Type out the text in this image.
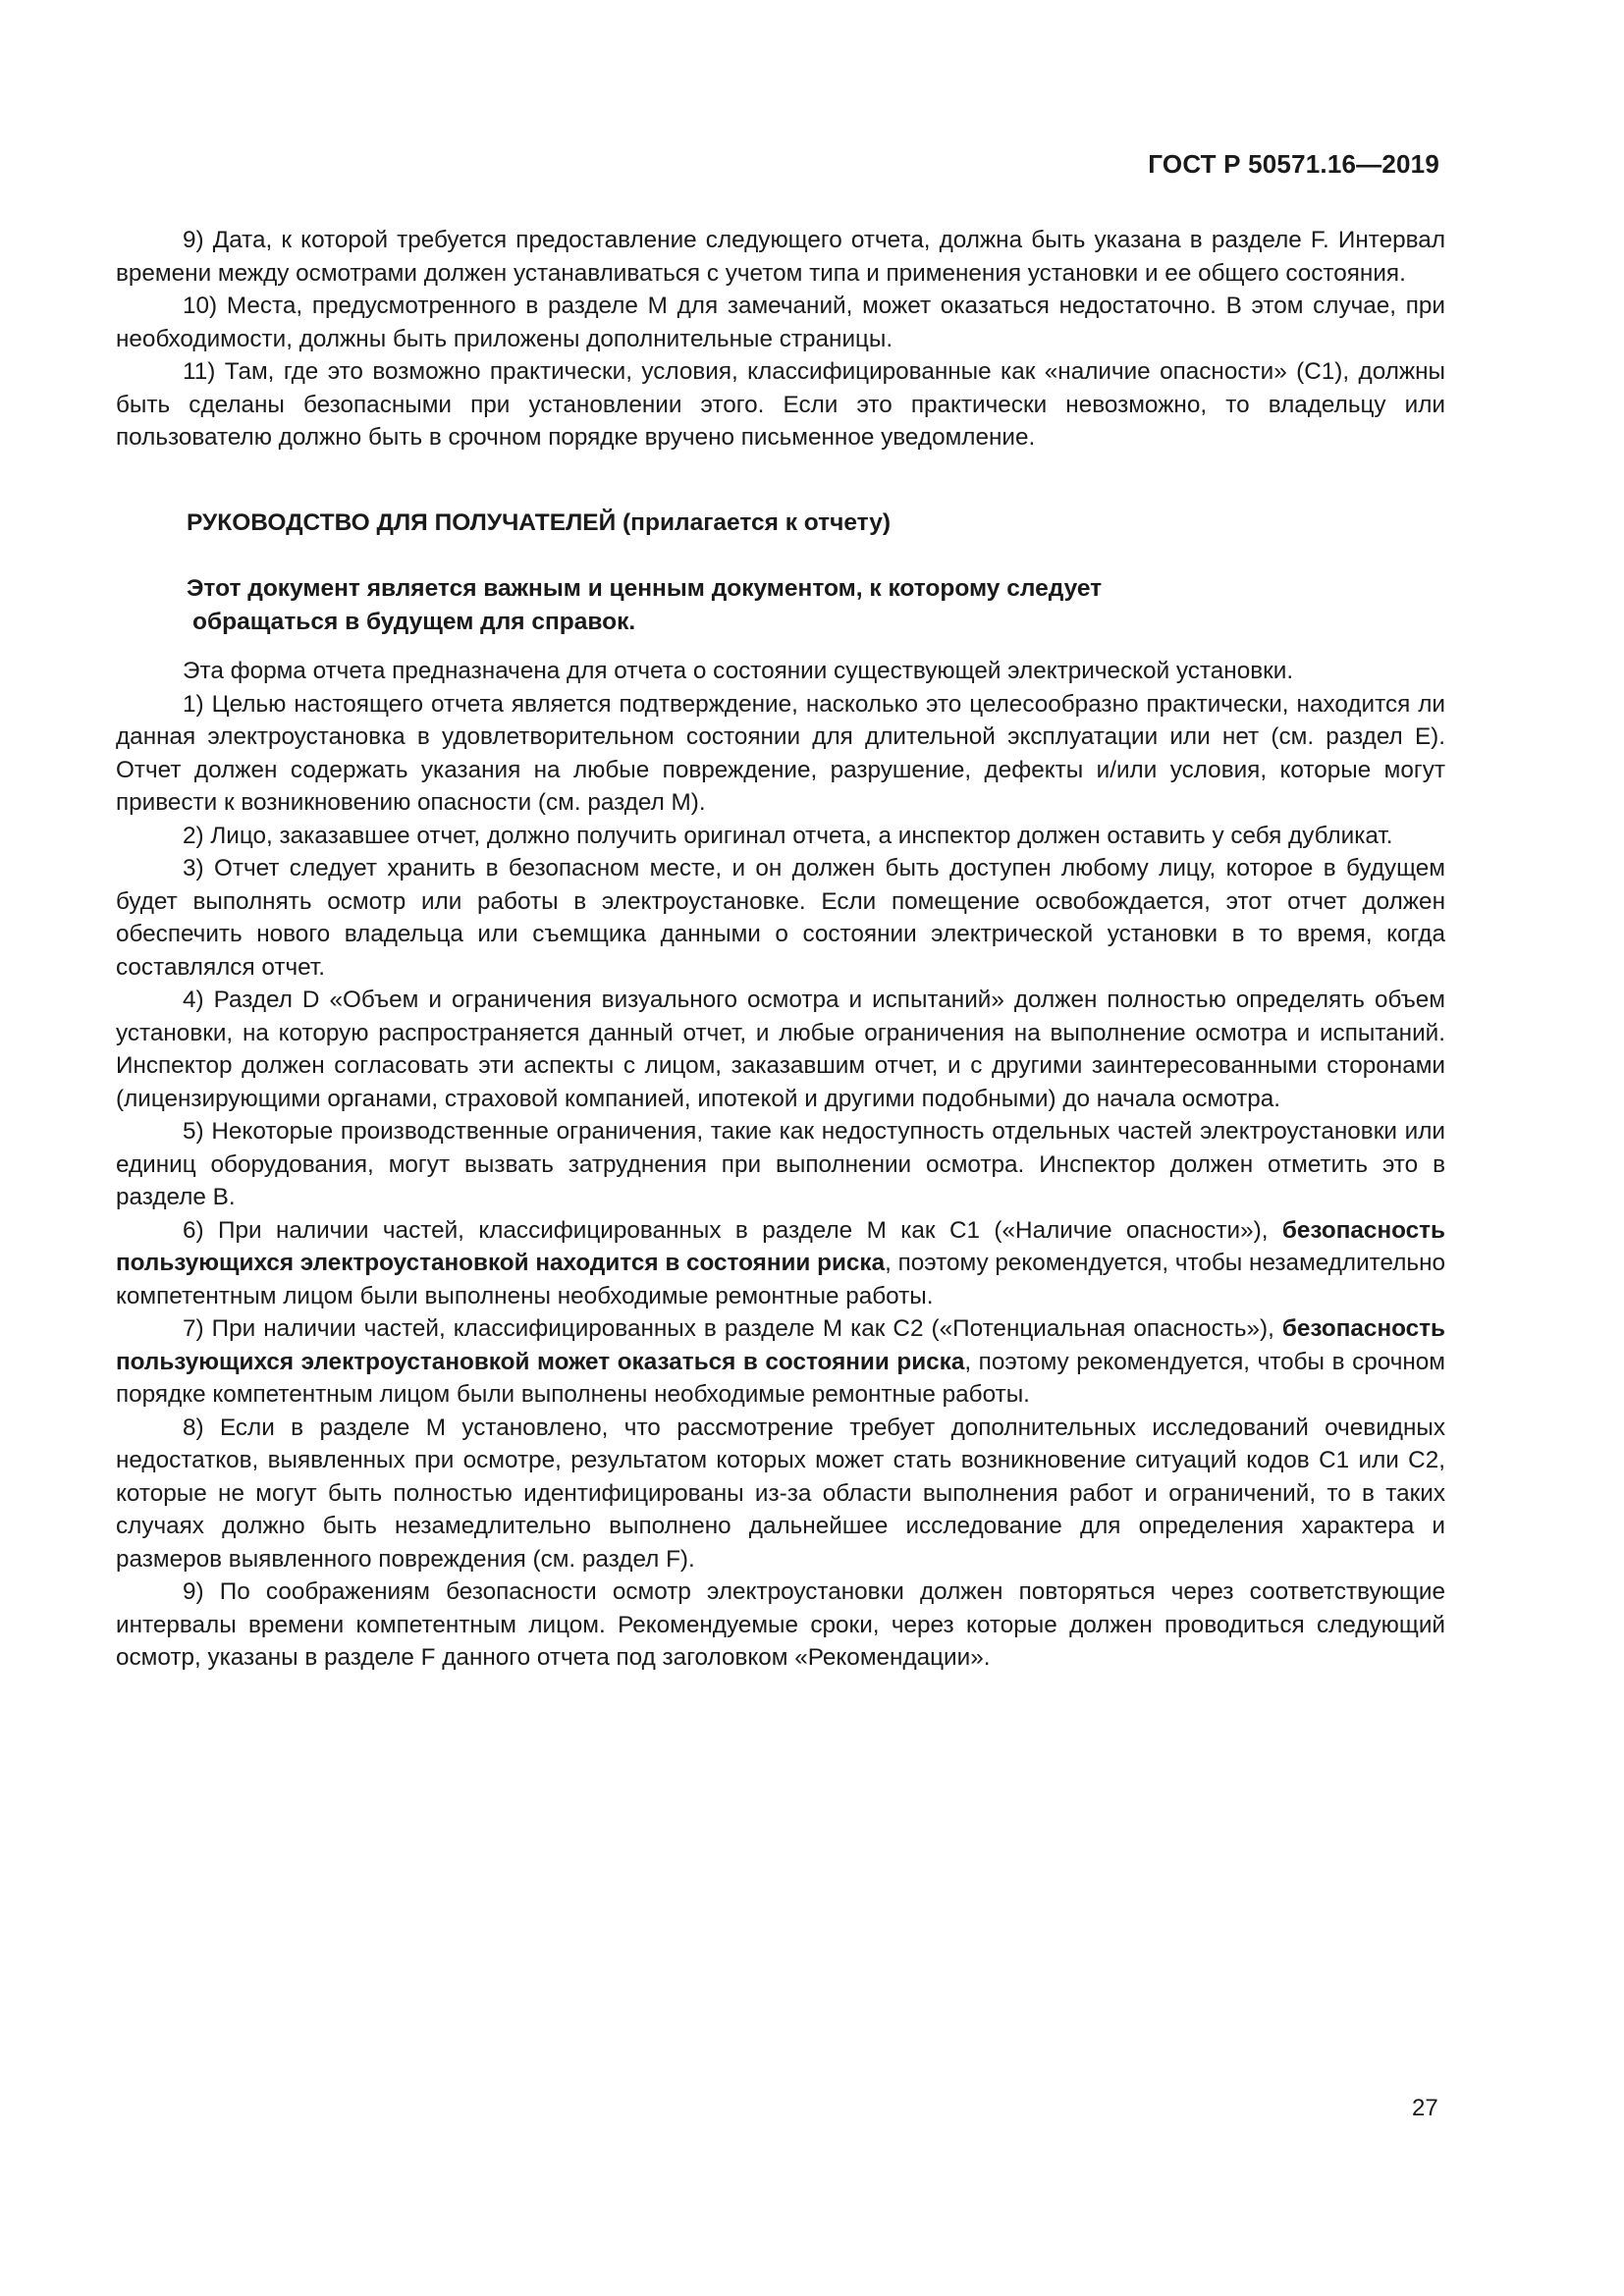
ГОСТ Р 50571.16—2019

9) Дата, к которой требуется предоставление следующего отчета, должна быть указана в разделе F. Интервал времени между осмотрами должен устанавливаться с учетом типа и применения установки и ее общего состояния.

10) Места, предусмотренного в разделе M для замечаний, может оказаться недостаточно. В этом случае, при необходимости, должны быть приложены дополнительные страницы.

11) Там, где это возможно практически, условия, классифицированные как «наличие опасности» (C1), должны быть сделаны безопасными при установлении этого. Если это практически невозможно, то владельцу или пользователю должно быть в срочном порядке вручено письменное уведомление.

РУКОВОДСТВО ДЛЯ ПОЛУЧАТЕЛЕЙ (прилагается к отчету)

Этот документ является важным и ценным документом, к которому следует
обращаться в будущем для справок.

Эта форма отчета предназначена для отчета о состоянии существующей электрической установки.

1) Целью настоящего отчета является подтверждение, насколько это целесообразно практически, находится ли данная электроустановка в удовлетворительном состоянии для длительной эксплуатации или нет (см. раздел E). Отчет должен содержать указания на любые повреждение, разрушение, дефекты и/или условия, которые могут привести к возникновению опасности (см. раздел M).

2) Лицо, заказавшее отчет, должно получить оригинал отчета, а инспектор должен оставить у себя дубликат.

3) Отчет следует хранить в безопасном месте, и он должен быть доступен любому лицу, которое в будущем будет выполнять осмотр или работы в электроустановке. Если помещение освобождается, этот отчет должен обеспечить нового владельца или съемщика данными о состоянии электрической установки в то время, когда составлялся отчет.

4) Раздел D «Объем и ограничения визуального осмотра и испытаний» должен полностью определять объем установки, на которую распространяется данный отчет, и любые ограничения на выполнение осмотра и испытаний. Инспектор должен согласовать эти аспекты с лицом, заказавшим отчет, и с другими заинтересованными сторонами (лицензирующими органами, страховой компанией, ипотекой и другими подобными) до начала осмотра.

5) Некоторые производственные ограничения, такие как недоступность отдельных частей электроустановки или единиц оборудования, могут вызвать затруднения при выполнении осмотра. Инспектор должен отметить это в разделе B.

6) При наличии частей, классифицированных в разделе M как C1 («Наличие опасности»), безопасность пользующихся электроустановкой находится в состоянии риска, поэтому рекомендуется, чтобы незамедлительно компетентным лицом были выполнены необходимые ремонтные работы.

7) При наличии частей, классифицированных в разделе M как C2 («Потенциальная опасность»), безопасность пользующихся электроустановкой может оказаться в состоянии риска, поэтому рекомендуется, чтобы в срочном порядке компетентным лицом были выполнены необходимые ремонтные работы.

8) Если в разделе M установлено, что рассмотрение требует дополнительных исследований очевидных недостатков, выявленных при осмотре, результатом которых может стать возникновение ситуаций кодов C1 или C2, которые не могут быть полностью идентифицированы из-за области выполнения работ и ограничений, то в таких случаях должно быть незамедлительно выполнено дальнейшее исследование для определения характера и размеров выявленного повреждения (см. раздел F).

9) По соображениям безопасности осмотр электроустановки должен повторяться через соответствующие интервалы времени компетентным лицом. Рекомендуемые сроки, через которые должен проводиться следующий осмотр, указаны в разделе F данного отчета под заголовком «Рекомендации».

27
